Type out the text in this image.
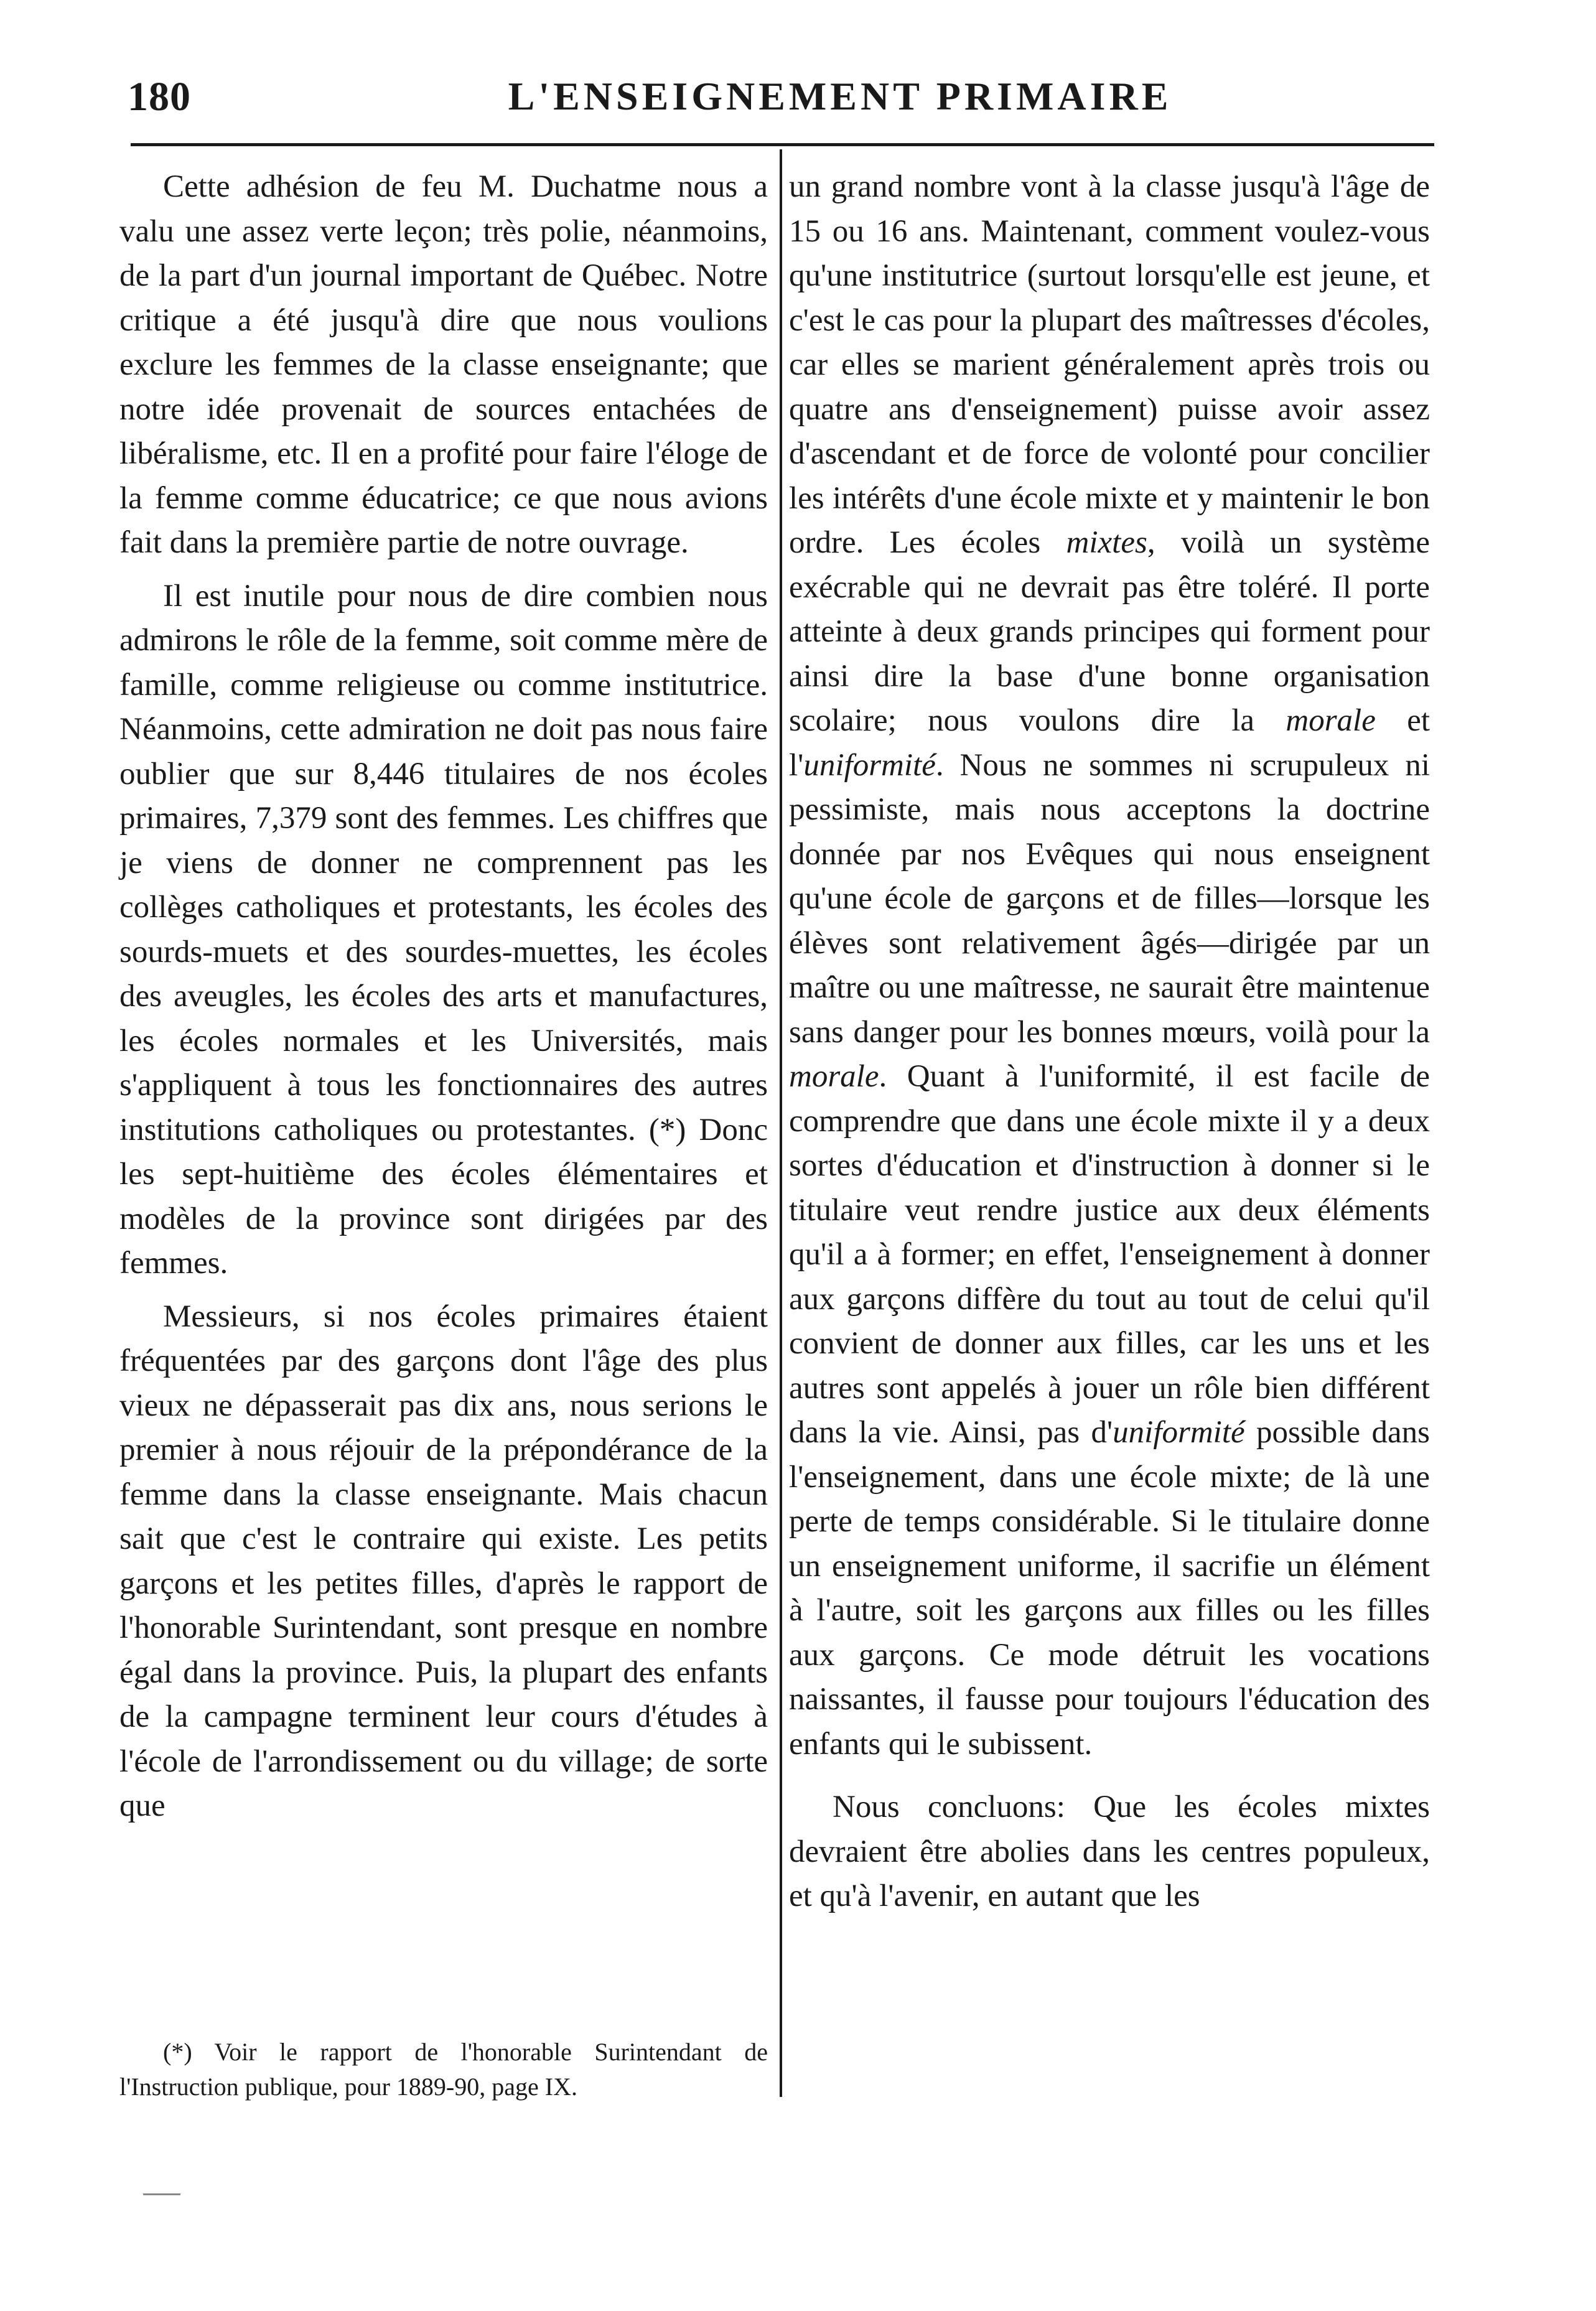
180	L'ENSEIGNEMENT PRIMAIRE

Cette adhésion de feu M. Duchatme nous a valu une assez verte leçon; très polie, néanmoins, de la part d'un journal important de Québec. Notre critique a été jusqu'à dire que nous voulions exclure les femmes de la classe enseignante; que notre idée provenait de sources entachées de libéralisme, etc. Il en a profité pour faire l'éloge de la femme comme éducatrice; ce que nous avions fait dans la première partie de notre ouvrage.

Il est inutile pour nous de dire combien nous admirons le rôle de la femme, soit comme mère de famille, comme religieuse ou comme institutrice. Néanmoins, cette admiration ne doit pas nous faire oublier que sur 8,446 titulaires de nos écoles primaires, 7,379 sont des femmes. Les chiffres que je viens de donner ne comprennent pas les collèges catholiques et protestants, les écoles des sourds-muets et des sourdes-muettes, les écoles des aveugles, les écoles des arts et manufactures, les écoles normales et les Universités, mais s'appliquent à tous les fonctionnaires des autres institutions catholiques ou protestantes. (*) Donc les sept-huitième des écoles élémentaires et modèles de la province sont dirigées par des femmes.

Messieurs, si nos écoles primaires étaient fréquentées par des garçons dont l'âge des plus vieux ne dépasserait pas dix ans, nous serions le premier à nous réjouir de la prépondérance de la femme dans la classe enseignante. Mais chacun sait que c'est le contraire qui existe. Les petits garçons et les petites filles, d'après le rapport de l'honorable Surintendant, sont presque en nombre égal dans la province. Puis, la plupart des enfants de la campagne terminent leur cours d'études à l'école de l'arrondissement ou du village; de sorte que

(*) Voir le rapport de l'honorable Surintendant de l'Instruction publique, pour 1889-90, page IX.

un grand nombre vont à la classe jusqu'à l'âge de 15 ou 16 ans. Maintenant, comment voulez-vous qu'une institutrice (surtout lorsqu'elle est jeune, et c'est le cas pour la plupart des maîtresses d'écoles, car elles se marient généralement après trois ou quatre ans d'enseignement) puisse avoir assez d'ascendant et de force de volonté pour concilier les intérêts d'une école mixte et y maintenir le bon ordre. Les écoles mixtes, voilà un système exécrable qui ne devrait pas être toléré. Il porte atteinte à deux grands principes qui forment pour ainsi dire la base d'une bonne organisation scolaire; nous voulons dire la morale et l'uniformité. Nous ne sommes ni scrupuleux ni pessimiste, mais nous acceptons la doctrine donnée par nos Evêques qui nous enseignent qu'une école de garçons et de filles—lorsque les élèves sont relativement âgés—dirigée par un maître ou une maîtresse, ne saurait être maintenue sans danger pour les bonnes mœurs, voilà pour la morale. Quant à l'uniformité, il est facile de comprendre que dans une école mixte il y a deux sortes d'éducation et d'instruction à donner si le titulaire veut rendre justice aux deux éléments qu'il a à former; en effet, l'enseignement à donner aux garçons diffère du tout au tout de celui qu'il convient de donner aux filles, car les uns et les autres sont appelés à jouer un rôle bien différent dans la vie. Ainsi, pas d'uniformité possible dans l'enseignement, dans une école mixte; de là une perte de temps considérable. Si le titulaire donne un enseignement uniforme, il sacrifie un élément à l'autre, soit les garçons aux filles ou les filles aux garçons. Ce mode détruit les vocations naissantes, il fausse pour toujours l'éducation des enfants qui le subissent.

Nous concluons: Que les écoles mixtes devraient être abolies dans les centres populeux, et qu'à l'avenir, en autant que les
